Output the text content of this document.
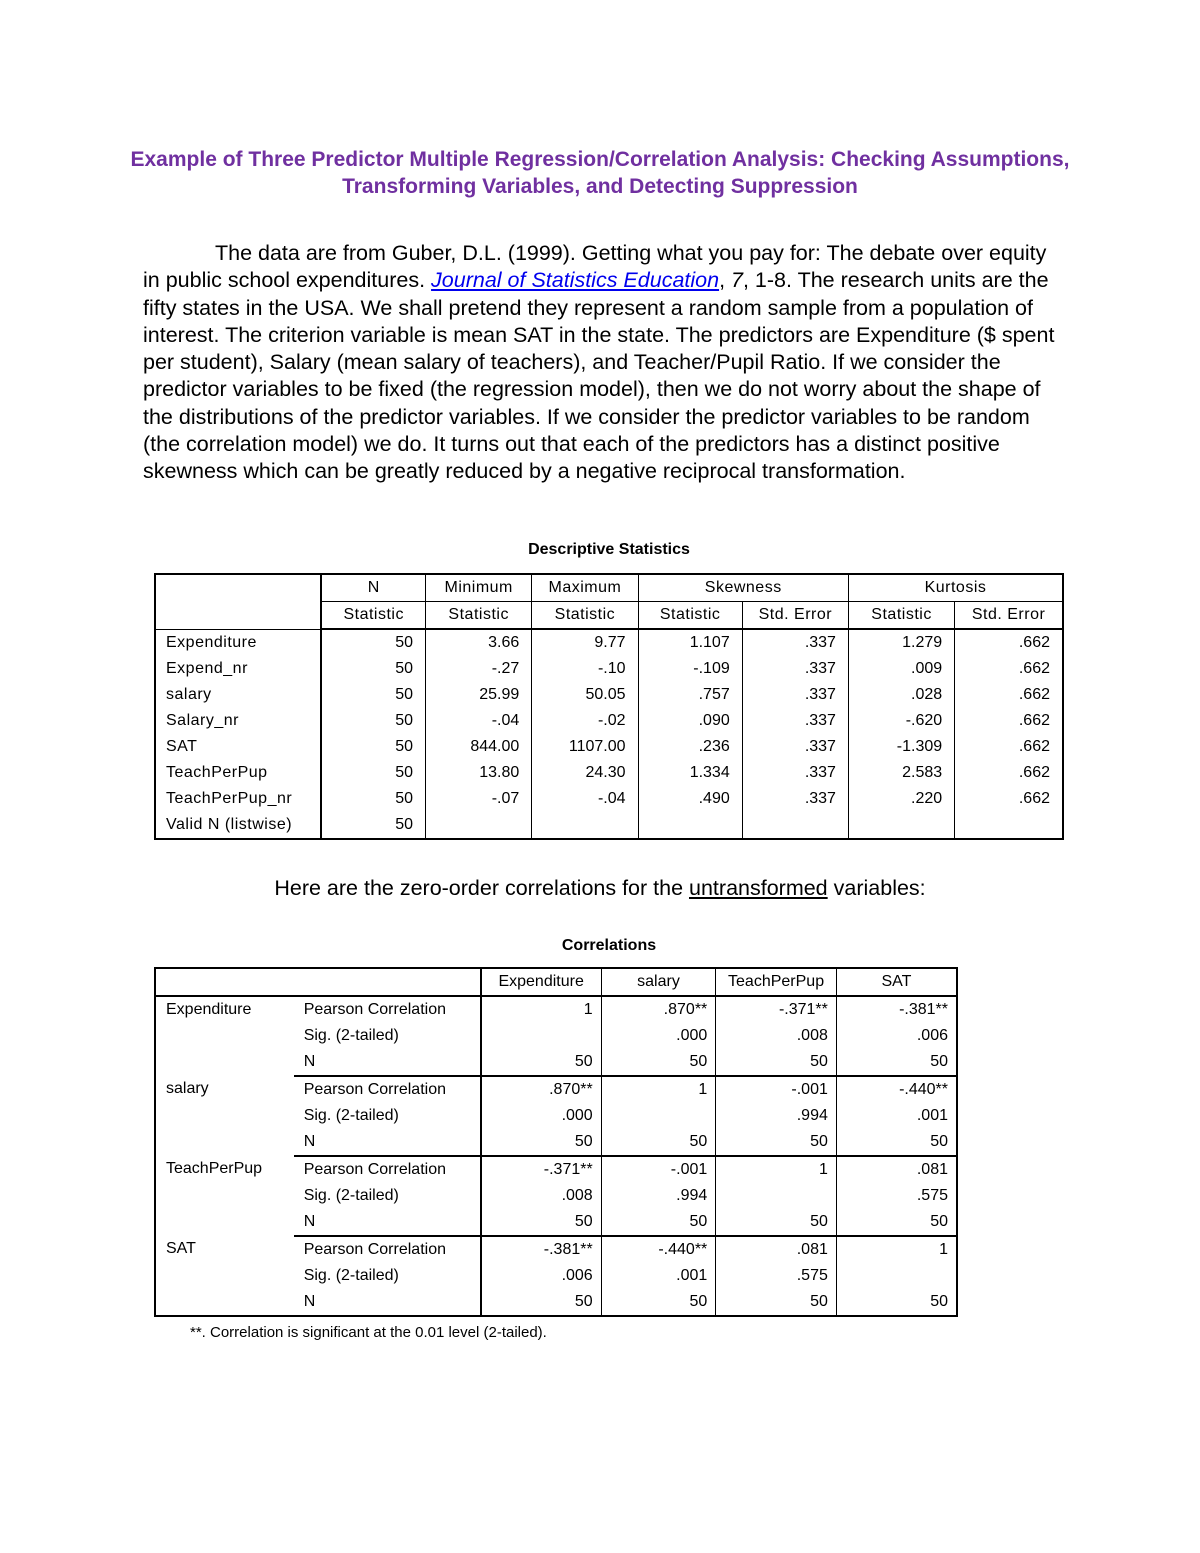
Example of Three Predictor Multiple Regression/Correlation Analysis: Checking Assumptions, Transforming Variables, and Detecting Suppression
The data are from Guber, D.L. (1999). Getting what you pay for: The debate over equity in public school expenditures. Journal of Statistics Education, 7, 1-8. The research units are the fifty states in the USA. We shall pretend they represent a random sample from a population of interest. The criterion variable is mean SAT in the state. The predictors are Expenditure ($ spent per student), Salary (mean salary of teachers), and Teacher/Pupil Ratio. If we consider the predictor variables to be fixed (the regression model), then we do not worry about the shape of the distributions of the predictor variables. If we consider the predictor variables to be random (the correlation model) we do. It turns out that each of the predictors has a distinct positive skewness which can be greatly reduced by a negative reciprocal transformation.
Descriptive Statistics
	N	Minimum	Maximum	Skewness		Kurtosis	
	Statistic	Statistic	Statistic	Statistic	Std. Error	Statistic	Std. Error
Expenditure	50	3.66	9.77	1.107	.337	1.279	.662
Expend_nr	50	-.27	-.10	-.109	.337	.009	.662
salary	50	25.99	50.05	.757	.337	.028	.662
Salary_nr	50	-.04	-.02	.090	.337	-.620	.662
SAT	50	844.00	1107.00	.236	.337	-1.309	.662
TeachPerPup	50	13.80	24.30	1.334	.337	2.583	.662
TeachPerPup_nr	50	-.07	-.04	.490	.337	.220	.662
Valid N (listwise)	50						
Here are the zero-order correlations for the untransformed variables:
Correlations
		Expenditure	salary	TeachPerPup	SAT
Expenditure	Pearson Correlation	1	.870**	-.371**	-.381**
	Sig. (2-tailed)		.000	.008	.006
	N	50	50	50	50
salary	Pearson Correlation	.870**	1	-.001	-.440**
	Sig. (2-tailed)	.000		.994	.001
	N	50	50	50	50
TeachPerPup	Pearson Correlation	-.371**	-.001	1	.081
	Sig. (2-tailed)	.008	.994		.575
	N	50	50	50	50
SAT	Pearson Correlation	-.381**	-.440**	.081	1
	Sig. (2-tailed)	.006	.001	.575	
	N	50	50	50	50
**. Correlation is significant at the 0.01 level (2-tailed).
